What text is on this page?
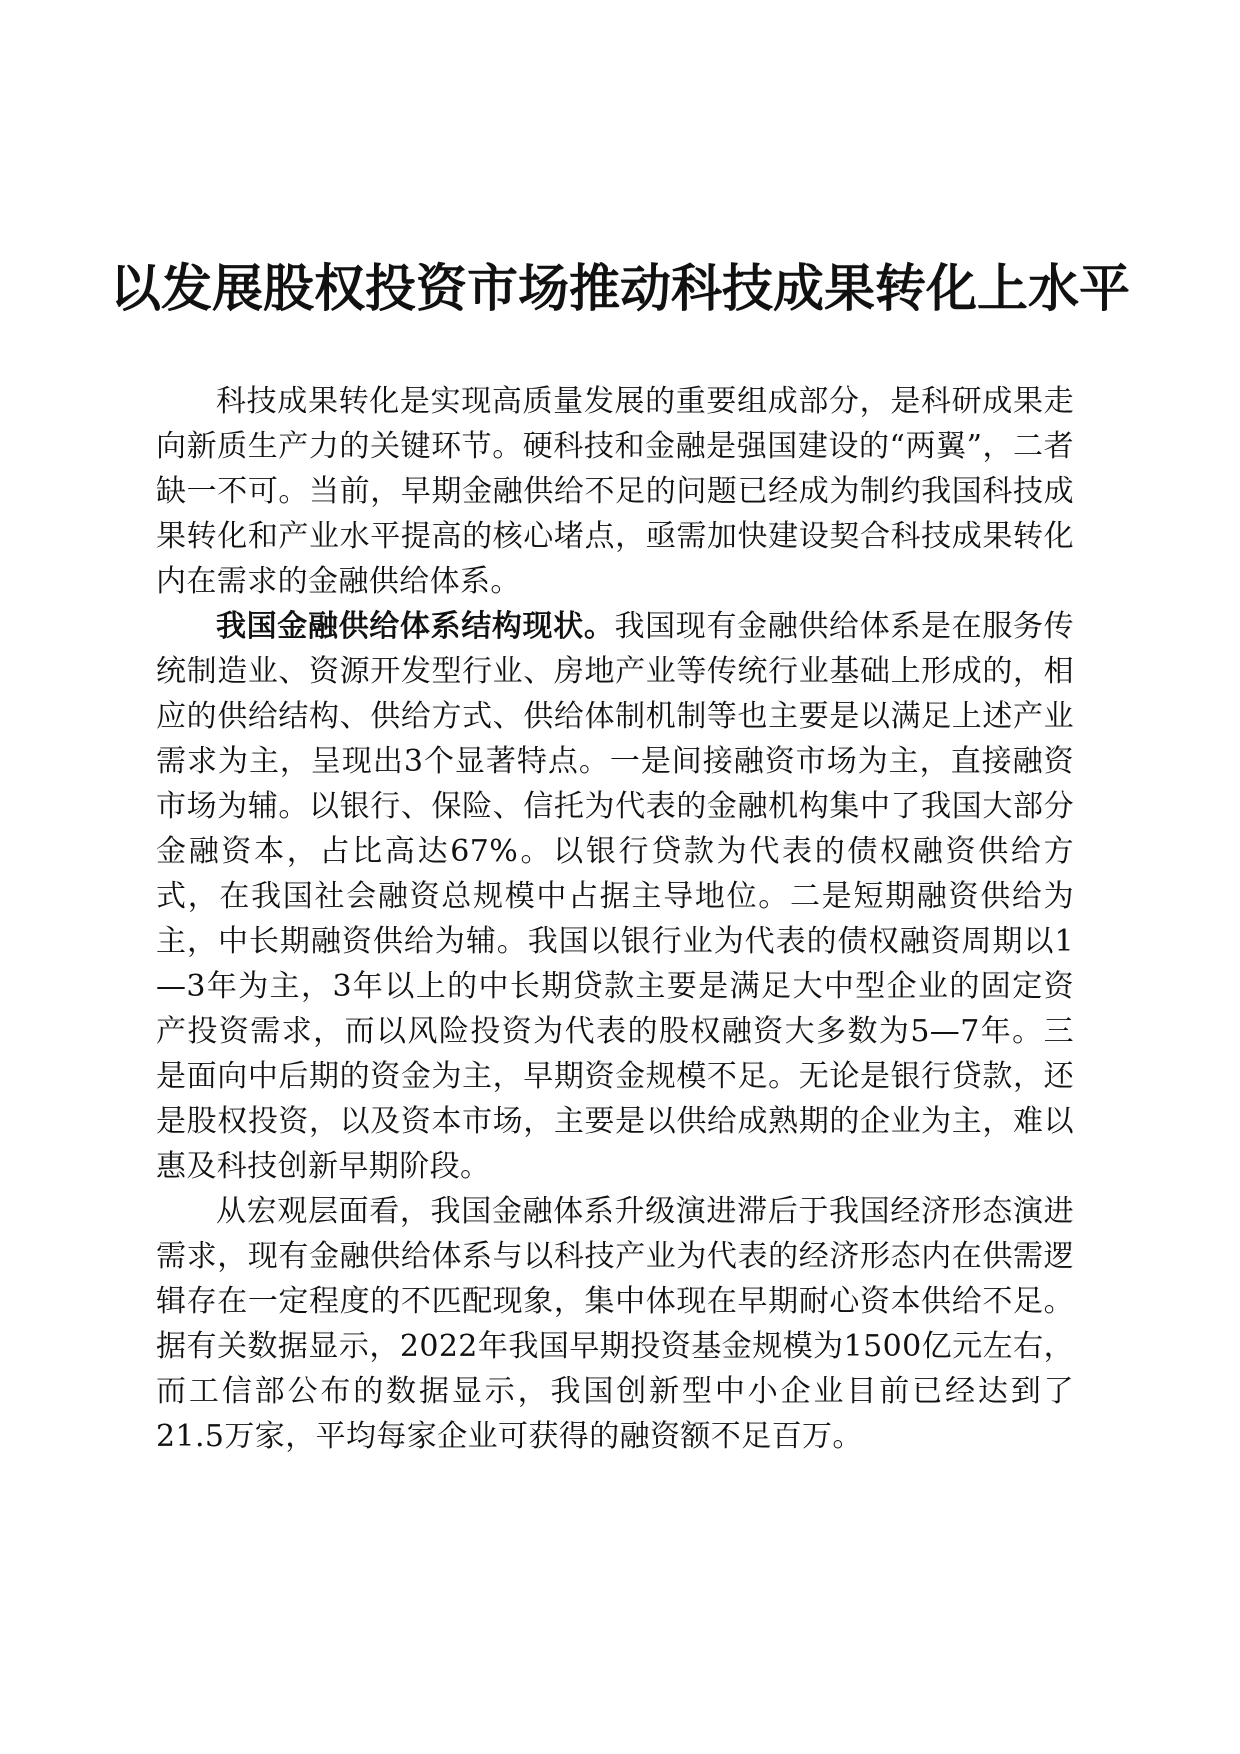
以发展股权投资市场推动科技成果转化上水平

科技成果转化是实现高质量发展的重要组成部分，是科研成果走向新质生产力的关键环节。硬科技和金融是强国建设的“两翼”，二者缺一不可。当前，早期金融供给不足的问题已经成为制约我国科技成果转化和产业水平提高的核心堵点，亟需加快建设契合科技成果转化内在需求的金融供给体系。

我国金融供给体系结构现状。我国现有金融供给体系是在服务传统制造业、资源开发型行业、房地产业等传统行业基础上形成的，相应的供给结构、供给方式、供给体制机制等也主要是以满足上述产业需求为主，呈现出3个显著特点。一是间接融资市场为主，直接融资市场为辅。以银行、保险、信托为代表的金融机构集中了我国大部分金融资本，占比高达67%。以银行贷款为代表的债权融资供给方式，在我国社会融资总规模中占据主导地位。二是短期融资供给为主，中长期融资供给为辅。我国以银行业为代表的债权融资周期以1—3年为主，3年以上的中长期贷款主要是满足大中型企业的固定资产投资需求，而以风险投资为代表的股权融资大多数为5—7年。三是面向中后期的资金为主，早期资金规模不足。无论是银行贷款，还是股权投资，以及资本市场，主要是以供给成熟期的企业为主，难以惠及科技创新早期阶段。

从宏观层面看，我国金融体系升级演进滞后于我国经济形态演进需求，现有金融供给体系与以科技产业为代表的经济形态内在供需逻辑存在一定程度的不匹配现象，集中体现在早期耐心资本供给不足。据有关数据显示，2022年我国早期投资基金规模为1500亿元左右，而工信部公布的数据显示，我国创新型中小企业目前已经达到了21.5万家，平均每家企业可获得的融资额不足百万。
